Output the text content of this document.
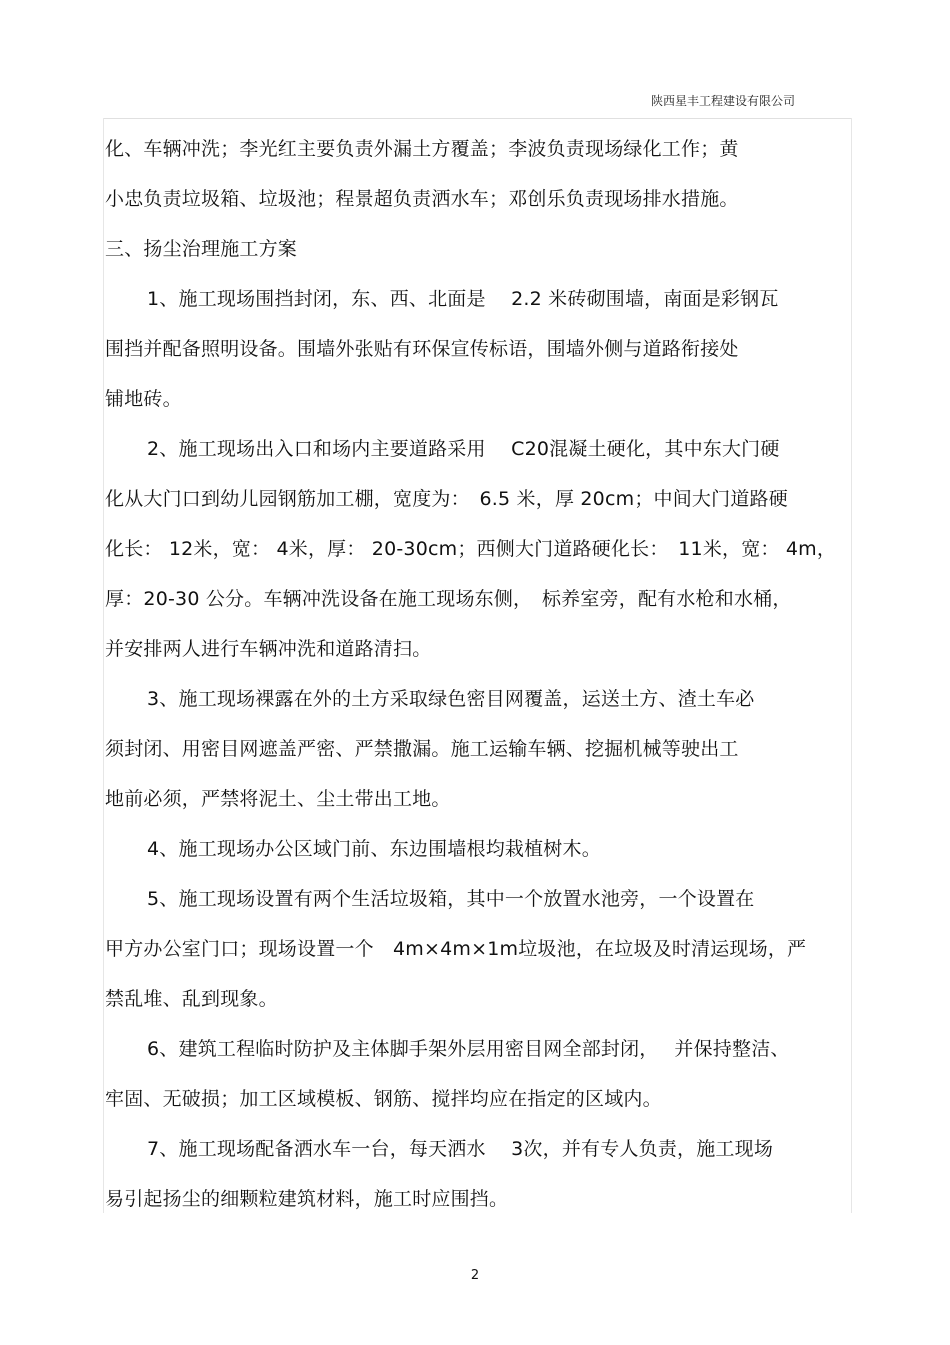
陕西星丰工程建设有限公司

化、车辆冲洗；李光红主要负责外漏土方覆盖；李波负责现场绿化工作；黄

小忠负责垃圾箱、垃圾池；程景超负责洒水车；邓创乐负责现场排水措施。

三、扬尘治理施工方案

1、施工现场围挡封闭，东、西、北面是　 2.2 米砖砌围墙，南面是彩钢瓦

围挡并配备照明设备。围墙外张贴有环保宣传标语，围墙外侧与道路衔接处

铺地砖。

2、施工现场出入口和场内主要道路采用　 C20混凝土硬化，其中东大门硬

化从大门口到幼儿园钢筋加工棚，宽度为：　6.5 米，厚 20cm；中间大门道路硬

化长： 12米，宽： 4米，厚： 20-30cm；西侧大门道路硬化长：　11米，宽： 4m，

厚：20-30 公分。车辆冲洗设备在施工现场东侧，　标养室旁，配有水枪和水桶，

并安排两人进行车辆冲洗和道路清扫。

3、施工现场裸露在外的土方采取绿色密目网覆盖，运送土方、渣土车必

须封闭、用密目网遮盖严密、严禁撒漏。施工运输车辆、挖掘机械等驶出工

地前必须，严禁将泥土、尘土带出工地。

4、施工现场办公区域门前、东边围墙根均栽植树木。

5、施工现场设置有两个生活垃圾箱，其中一个放置水池旁，一个设置在

甲方办公室门口；现场设置一个　4m×4m×1m垃圾池，在垃圾及时清运现场，严

禁乱堆、乱到现象。

6、建筑工程临时防护及主体脚手架外层用密目网全部封闭，　 并保持整洁、

牢固、无破损；加工区域模板、钢筋、搅拌均应在指定的区域内。

7、施工现场配备洒水车一台，每天洒水　 3次，并有专人负责，施工现场

易引起扬尘的细颗粒建筑材料，施工时应围挡。

2
